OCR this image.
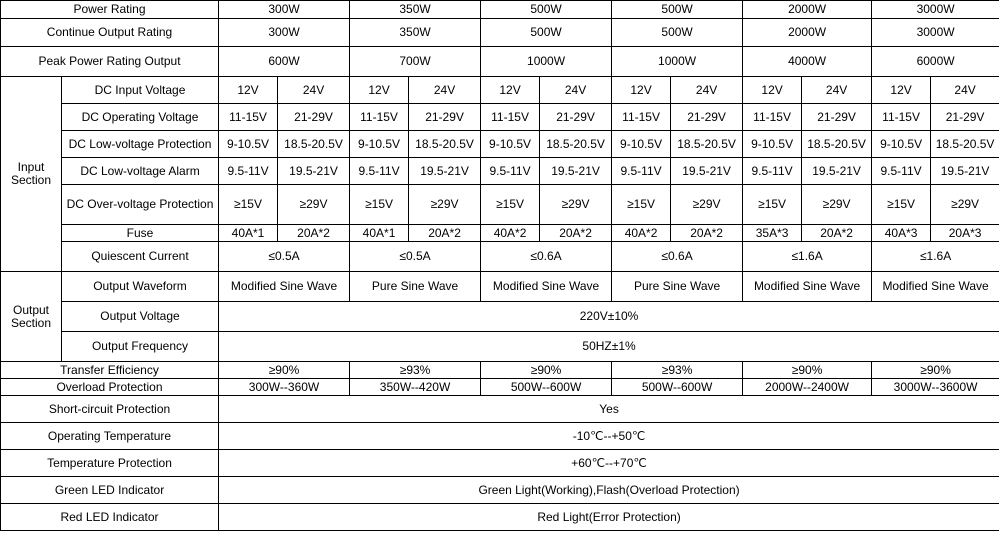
Power Rating		300W		350W		500W		500W		2000W		3000W	
Continue Output Rating		300W		350W		500W		500W		2000W		3000W	
Peak Power Rating Output		600W		700W		1000W		1000W		4000W		6000W	
Input Section	DC Input Voltage	12V	24V	12V	24V	12V	24V	12V	24V	12V	24V	12V	24V
	DC Operating Voltage	11-15V	21-29V	11-15V	21-29V	11-15V	21-29V	11-15V	21-29V	11-15V	21-29V	11-15V	21-29V
	DC Low-voltage Protection	9-10.5V	18.5-20.5V	9-10.5V	18.5-20.5V	9-10.5V	18.5-20.5V	9-10.5V	18.5-20.5V	9-10.5V	18.5-20.5V	9-10.5V	18.5-20.5V
	DC Low-voltage Alarm	9.5-11V	19.5-21V	9.5-11V	19.5-21V	9.5-11V	19.5-21V	9.5-11V	19.5-21V	9.5-11V	19.5-21V	9.5-11V	19.5-21V
	DC Over-voltage Protection	≥15V	≥29V	≥15V	≥29V	≥15V	≥29V	≥15V	≥29V	≥15V	≥29V	≥15V	≥29V
	Fuse	40A*1	20A*2	40A*1	20A*2	40A*2	20A*2	40A*2	20A*2	35A*3	20A*2	40A*3	20A*3
	Quiescent Current	≤0.5A		≤0.5A		≤0.6A		≤0.6A		≤1.6A		≤1.6A	
Output Section	Output Waveform	Modified Sine Wave		Pure Sine Wave		Modified Sine Wave		Pure Sine Wave		Modified Sine Wave		Modified Sine Wave	
	Output Voltage	220V±10%											
	Output Frequency	50HZ±1%											
Transfer Efficiency		≥90%		≥93%		≥90%		≥93%		≥90%		≥90%	
Overload Protection		300W--360W		350W--420W		500W--600W		500W--600W		2000W--2400W		3000W--3600W	
Short-circuit Protection		Yes											
Operating Temperature		-10℃--+50℃											
Temperature Protection		+60℃--+70℃											
Green LED Indicator		Green Light(Working),Flash(Overload Protection)											
Red LED Indicator		Red Light(Error Protection)											
